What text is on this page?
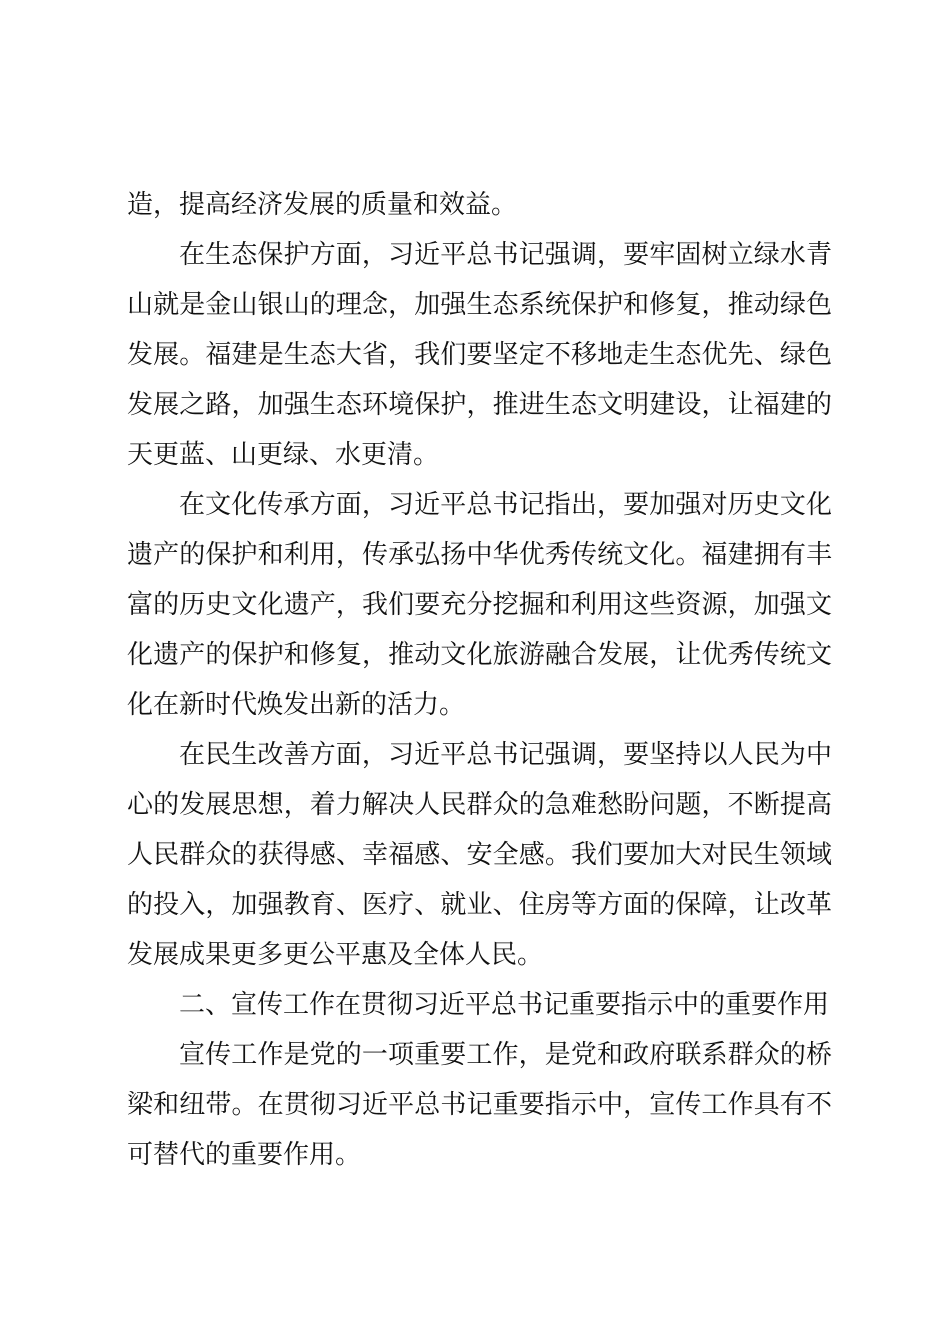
造，提高经济发展的质量和效益。

在生态保护方面，习近平总书记强调，要牢固树立绿水青山就是金山银山的理念，加强生态系统保护和修复，推动绿色发展。福建是生态大省，我们要坚定不移地走生态优先、绿色发展之路，加强生态环境保护，推进生态文明建设，让福建的天更蓝、山更绿、水更清。

在文化传承方面，习近平总书记指出，要加强对历史文化遗产的保护和利用，传承弘扬中华优秀传统文化。福建拥有丰富的历史文化遗产，我们要充分挖掘和利用这些资源，加强文化遗产的保护和修复，推动文化旅游融合发展，让优秀传统文化在新时代焕发出新的活力。

在民生改善方面，习近平总书记强调，要坚持以人民为中心的发展思想，着力解决人民群众的急难愁盼问题，不断提高人民群众的获得感、幸福感、安全感。我们要加大对民生领域的投入，加强教育、医疗、就业、住房等方面的保障，让改革发展成果更多更公平惠及全体人民。

二、宣传工作在贯彻习近平总书记重要指示中的重要作用

宣传工作是党的一项重要工作，是党和政府联系群众的桥梁和纽带。在贯彻习近平总书记重要指示中，宣传工作具有不可替代的重要作用。
